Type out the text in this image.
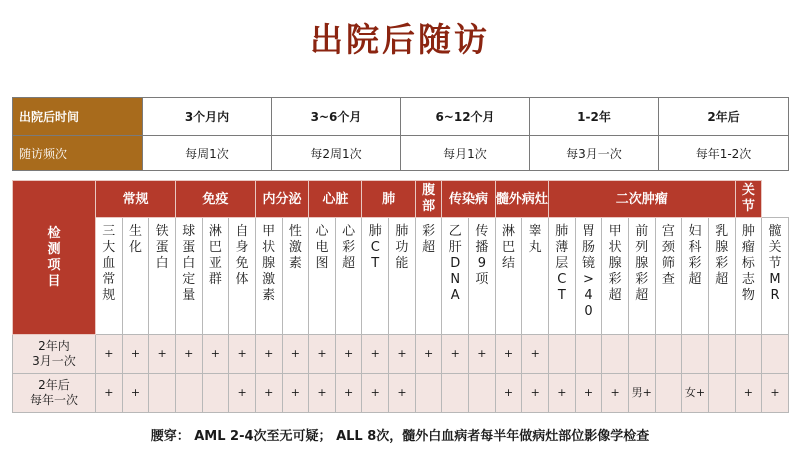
出院后随访
出院后时间	3个月内	3~6个月	6~12个月	1-2年	2年后
随访频次	每周1次	每2周1次	每月1次	每3月一次	每年1-2次
检测项目	常规			免疫			内分泌		心脏		肺		腹部	传染病		髓外病灶		二次肿瘤							关节	
	三大血常规	生化	铁蛋白	球蛋白定量	淋巴亚群	自身免体	甲状腺激素	性激素	心电图	心彩超	肺CT	肺功能	彩超	乙肝DNA	传播9项	淋巴结	睾丸	肺薄层CT	胃肠镜>40	甲状腺彩超	前列腺彩超	宫颈筛查	妇科彩超	乳腺彩超	肿瘤标志物	髋关节MR
2年内
3月一次	+	+	+	+	+	+	+	+	+	+	+	+	+	+	+	+	+									
2年后
每年一次	+	+				+	+	+	+	+	+	+				+	+	+	+	+	男+		女+		+	+
腰穿： AML 2-4次至无可疑； ALL 8次，髓外白血病者每半年做病灶部位影像学检查
